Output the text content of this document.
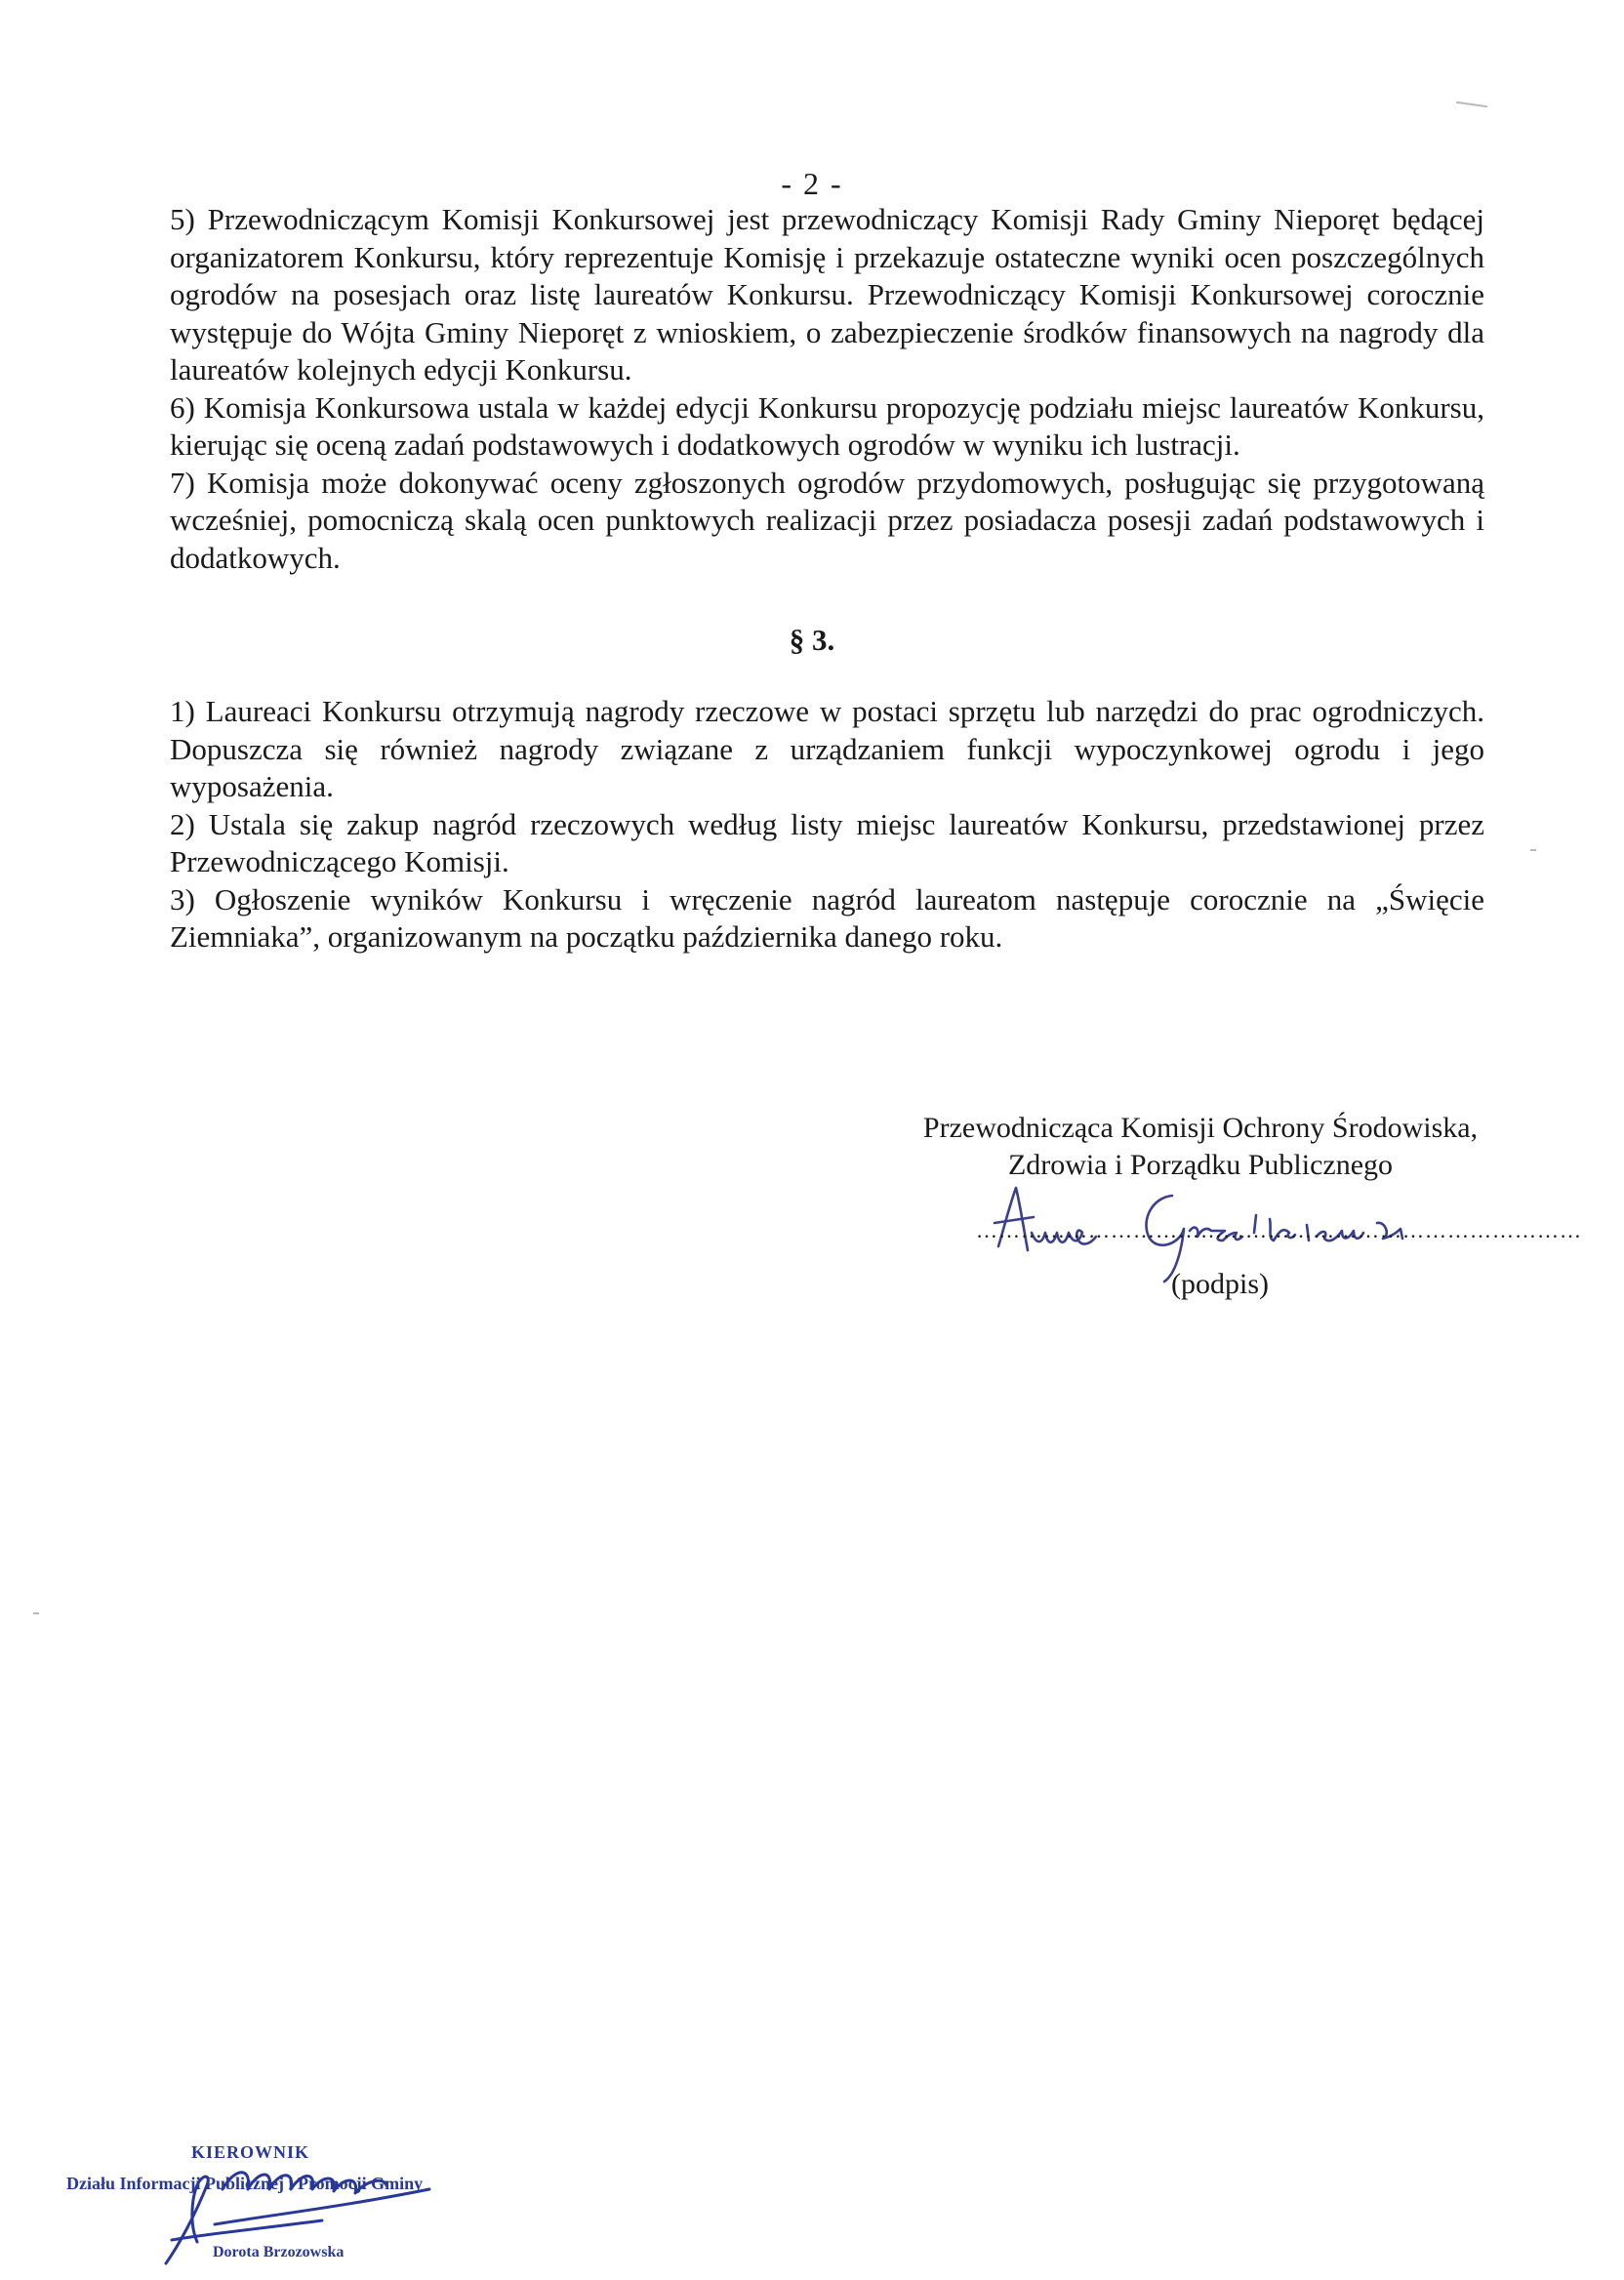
- 2 -

5) Przewodniczącym Komisji Konkursowej jest przewodniczący Komisji Rady Gminy Nieporęt będącej organizatorem Konkursu, który reprezentuje Komisję i przekazuje ostateczne wyniki ocen poszczególnych ogrodów na posesjach oraz listę laureatów Konkursu. Przewodniczący Komisji Konkursowej corocznie występuje do Wójta Gminy Nieporęt z wnioskiem, o zabezpieczenie środków finansowych na nagrody dla laureatów kolejnych edycji Konkursu.

6) Komisja Konkursowa ustala w każdej edycji Konkursu propozycję podziału miejsc laureatów Konkursu, kierując się oceną zadań podstawowych i dodatkowych ogrodów w wyniku ich lustracji.

7) Komisja może dokonywać oceny zgłoszonych ogrodów przydomowych, posługując się przygotowaną wcześniej, pomocniczą skalą ocen punktowych realizacji przez posiadacza posesji zadań podstawowych i dodatkowych.

§ 3.

1) Laureaci Konkursu otrzymują nagrody rzeczowe w postaci sprzętu lub narzędzi do prac ogrodniczych. Dopuszcza się również nagrody związane z urządzaniem funkcji wypoczynkowej ogrodu i jego wyposażenia.

2) Ustala się zakup nagród rzeczowych według listy miejsc laureatów Konkursu, przedstawionej przez Przewodniczącego Komisji.

3) Ogłoszenie wyników Konkursu i wręczenie nagród laureatom następuje corocznie na „Święcie Ziemniaka”, organizowanym na początku października danego roku.

Przewodnicząca Komisji Ochrony Środowiska,
Zdrowia i Porządku Publicznego
………………………………………………………………………
(podpis)
KIEROWNIK
Działu Informacji Publicznej i Promocji Gminy
Dorota Brzozowska
